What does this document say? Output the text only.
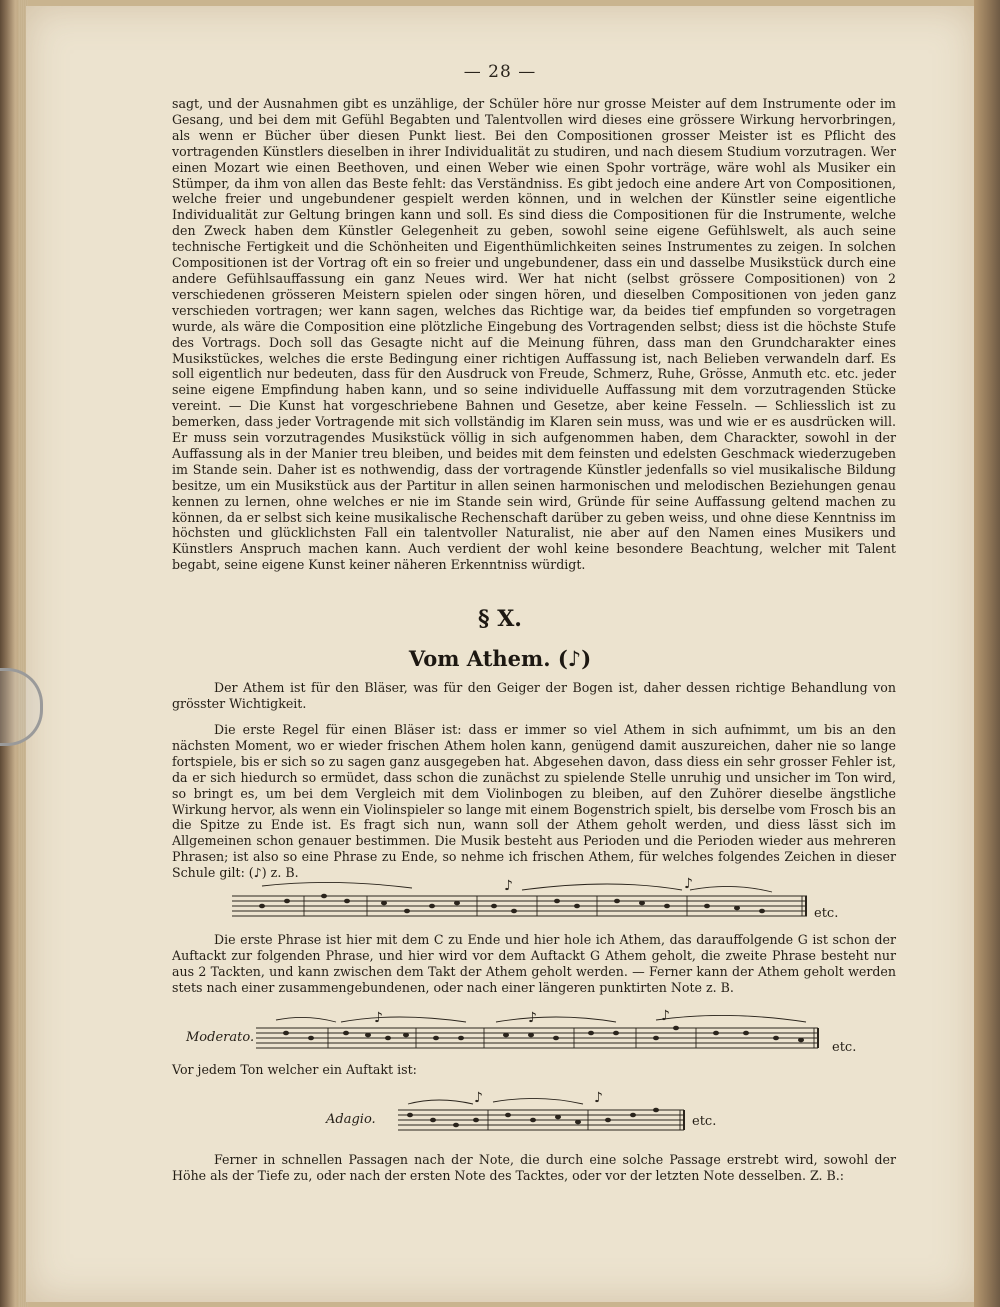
— 28 —

sagt, und der Ausnahmen gibt es unzählige, der Schüler höre nur grosse Meister auf dem Instrumente oder im Gesang, und bei dem mit Gefühl Begabten und Talentvollen wird dieses eine grössere Wirkung hervorbringen, als wenn er Bücher über diesen Punkt liest. Bei den Compositionen grosser Meister ist es Pflicht des vortragenden Künstlers dieselben in ihrer Individualität zu studiren, und nach diesem Studium vorzutragen. Wer einen Mozart wie einen Beethoven, und einen Weber wie einen Spohr vorträge, wäre wohl als Musiker ein Stümper, da ihm von allen das Beste fehlt: das Verständniss. Es gibt jedoch eine andere Art von Compositionen, welche freier und ungebundener gespielt werden können, und in welchen der Künstler seine eigentliche Individualität zur Geltung bringen kann und soll. Es sind diess die Compositionen für die Instrumente, welche den Zweck haben dem Künstler Gelegenheit zu geben, sowohl seine eigene Gefühlswelt, als auch seine technische Fertigkeit und die Schönheiten und Eigenthümlichkeiten seines Instrumentes zu zeigen. In solchen Compositionen ist der Vortrag oft ein so freier und ungebundener, dass ein und dasselbe Musikstück durch eine andere Gefühlsauffassung ein ganz Neues wird. Wer hat nicht (selbst grössere Compositionen) von 2 verschiedenen grösseren Meistern spielen oder singen hören, und dieselben Compositionen von jeden ganz verschieden vortragen; wer kann sagen, welches das Richtige war, da beides tief empfunden so vorgetragen wurde, als wäre die Composition eine plötzliche Eingebung des Vortragenden selbst; diess ist die höchste Stufe des Vortrags. Doch soll das Gesagte nicht auf die Meinung führen, dass man den Grundcharakter eines Musikstückes, welches die erste Bedingung einer richtigen Auffassung ist, nach Belieben verwandeln darf. Es soll eigentlich nur bedeuten, dass für den Ausdruck von Freude, Schmerz, Ruhe, Grösse, Anmuth etc. etc. jeder seine eigene Empfindung haben kann, und so seine individuelle Auffassung mit dem vorzutragenden Stücke vereint. — Die Kunst hat vorgeschriebene Bahnen und Gesetze, aber keine Fesseln. — Schliesslich ist zu bemerken, dass jeder Vortragende mit sich vollständig im Klaren sein muss, was und wie er es ausdrücken will. Er muss sein vorzutragendes Musikstück völlig in sich aufgenommen haben, dem Charackter, sowohl in der Auffassung als in der Manier treu bleiben, und beides mit dem feinsten und edelsten Geschmack wiederzugeben im Stande sein. Daher ist es nothwendig, dass der vortragende Künstler jedenfalls so viel musikalische Bildung besitze, um ein Musikstück aus der Partitur in allen seinen harmonischen und melodischen Beziehungen genau kennen zu lernen, ohne welches er nie im Stande sein wird, Gründe für seine Auffassung geltend machen zu können, da er selbst sich keine musikalische Rechenschaft darüber zu geben weiss, und ohne diese Kenntniss im höchsten und glücklichsten Fall ein talentvoller Naturalist, nie aber auf den Namen eines Musikers und Künstlers Anspruch machen kann. Auch verdient der wohl keine besondere Beachtung, welcher mit Talent begabt, seine eigene Kunst keiner näheren Erkenntniss würdigt.

§ X.
Vom Athem. (♪)

Der Athem ist für den Bläser, was für den Geiger der Bogen ist, daher dessen richtige Behandlung von grösster Wichtigkeit.

Die erste Regel für einen Bläser ist: dass er immer so viel Athem in sich aufnimmt, um bis an den nächsten Moment, wo er wieder frischen Athem holen kann, genügend damit auszureichen, daher nie so lange fortspiele, bis er sich so zu sagen ganz ausgegeben hat. Abgesehen davon, dass diess ein sehr grosser Fehler ist, da er sich hiedurch so ermüdet, dass schon die zunächst zu spielende Stelle unruhig und unsicher im Ton wird, so bringt es, um bei dem Vergleich mit dem Violinbogen zu bleiben, auf den Zuhörer dieselbe ängstliche Wirkung hervor, als wenn ein Violinspieler so lange mit einem Bogenstrich spielt, bis derselbe vom Frosch bis an die Spitze zu Ende ist. Es fragt sich nun, wann soll der Athem geholt werden, und diess lässt sich im Allgemeinen schon genauer bestimmen. Die Musik besteht aus Perioden und die Perioden wieder aus mehreren Phrasen; ist also so eine Phrase zu Ende, so nehme ich frischen Athem, für welches folgendes Zeichen in dieser Schule gilt: (♪) z. B.

♪	♪
etc.

Die erste Phrase ist hier mit dem C zu Ende und hier hole ich Athem, das darauffolgende G ist schon der Auftackt zur folgenden Phrase, und hier wird vor dem Auftackt G Athem geholt, die zweite Phrase besteht nur aus 2 Tackten, und kann zwischen dem Takt der Athem geholt werden. — Ferner kann der Athem geholt werden stets nach einer zusammengebundenen, oder nach einer längeren punktirten Note z. B.

Moderato.
♪	♪	♪
etc.

Vor jedem Ton welcher ein Auftakt ist:

Adagio.
♪	♪
etc.

Ferner in schnellen Passagen nach der Note, die durch eine solche Passage erstrebt wird, sowohl der Höhe als der Tiefe zu, oder nach der ersten Note des Tacktes, oder vor der letzten Note desselben. Z. B.:
